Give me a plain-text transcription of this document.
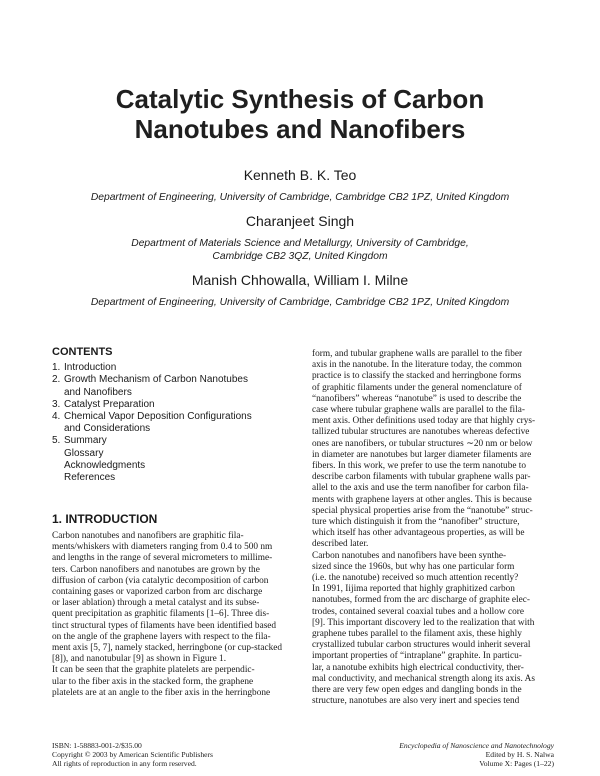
Catalytic Synthesis of Carbon
Nanotubes and Nanofibers
Kenneth B. K. Teo
Department of Engineering, University of Cambridge, Cambridge CB2 1PZ, United Kingdom
Charanjeet Singh
Department of Materials Science and Metallurgy, University of Cambridge,
Cambridge CB2 3QZ, United Kingdom
Manish Chhowalla, William I. Milne
Department of Engineering, University of Cambridge, Cambridge CB2 1PZ, United Kingdom
CONTENTS
1. Introduction
2. Growth Mechanism of Carbon Nanotubes
and Nanofibers
3. Catalyst Preparation
4. Chemical Vapor Deposition Configurations
and Considerations
5. Summary
Glossary
Acknowledgments
References
1. INTRODUCTION
Carbon nanotubes and nanofibers are graphitic fila-
ments/whiskers with diameters ranging from 0.4 to 500 nm
and lengths in the range of several micrometers to millime-
ters. Carbon nanofibers and nanotubes are grown by the
diffusion of carbon (via catalytic decomposition of carbon
containing gases or vaporized carbon from arc discharge
or laser ablation) through a metal catalyst and its subse-
quent precipitation as graphitic filaments [1–6]. Three dis-
tinct structural types of filaments have been identified based
on the angle of the graphene layers with respect to the fila-
ment axis [5, 7], namely stacked, herringbone (or cup-stacked
[8]), and nanotubular [9] as shown in Figure 1.
It can be seen that the graphite platelets are perpendic-
ular to the fiber axis in the stacked form, the graphene
platelets are at an angle to the fiber axis in the herringbone
form, and tubular graphene walls are parallel to the fiber
axis in the nanotube. In the literature today, the common
practice is to classify the stacked and herringbone forms
of graphitic filaments under the general nomenclature of
“nanofibers” whereas “nanotube” is used to describe the
case where tubular graphene walls are parallel to the fila-
ment axis. Other definitions used today are that highly crys-
tallized tubular structures are nanotubes whereas defective
ones are nanofibers, or tubular structures ∼20 nm or below
in diameter are nanotubes but larger diameter filaments are
fibers. In this work, we prefer to use the term nanotube to
describe carbon filaments with tubular graphene walls par-
allel to the axis and use the term nanofiber for carbon fila-
ments with graphene layers at other angles. This is because
special physical properties arise from the “nanotube” struc-
ture which distinguish it from the “nanofiber” structure,
which itself has other advantageous properties, as will be
described later.
Carbon nanotubes and nanofibers have been synthe-
sized since the 1960s, but why has one particular form
(i.e. the nanotube) received so much attention recently?
In 1991, Iijima reported that highly graphitized carbon
nanotubes, formed from the arc discharge of graphite elec-
trodes, contained several coaxial tubes and a hollow core
[9]. This important discovery led to the realization that with
graphene tubes parallel to the filament axis, these highly
crystallized tubular carbon structures would inherit several
important properties of “intraplane” graphite. In particu-
lar, a nanotube exhibits high electrical conductivity, ther-
mal conductivity, and mechanical strength along its axis. As
there are very few open edges and dangling bonds in the
structure, nanotubes are also very inert and species tend
ISBN: 1-58883-001-2/$35.00
Copyright © 2003 by American Scientific Publishers
All rights of reproduction in any form reserved.
Encyclopedia of Nanoscience and Nanotechnology
Edited by H. S. Nalwa
Volume X: Pages (1–22)
